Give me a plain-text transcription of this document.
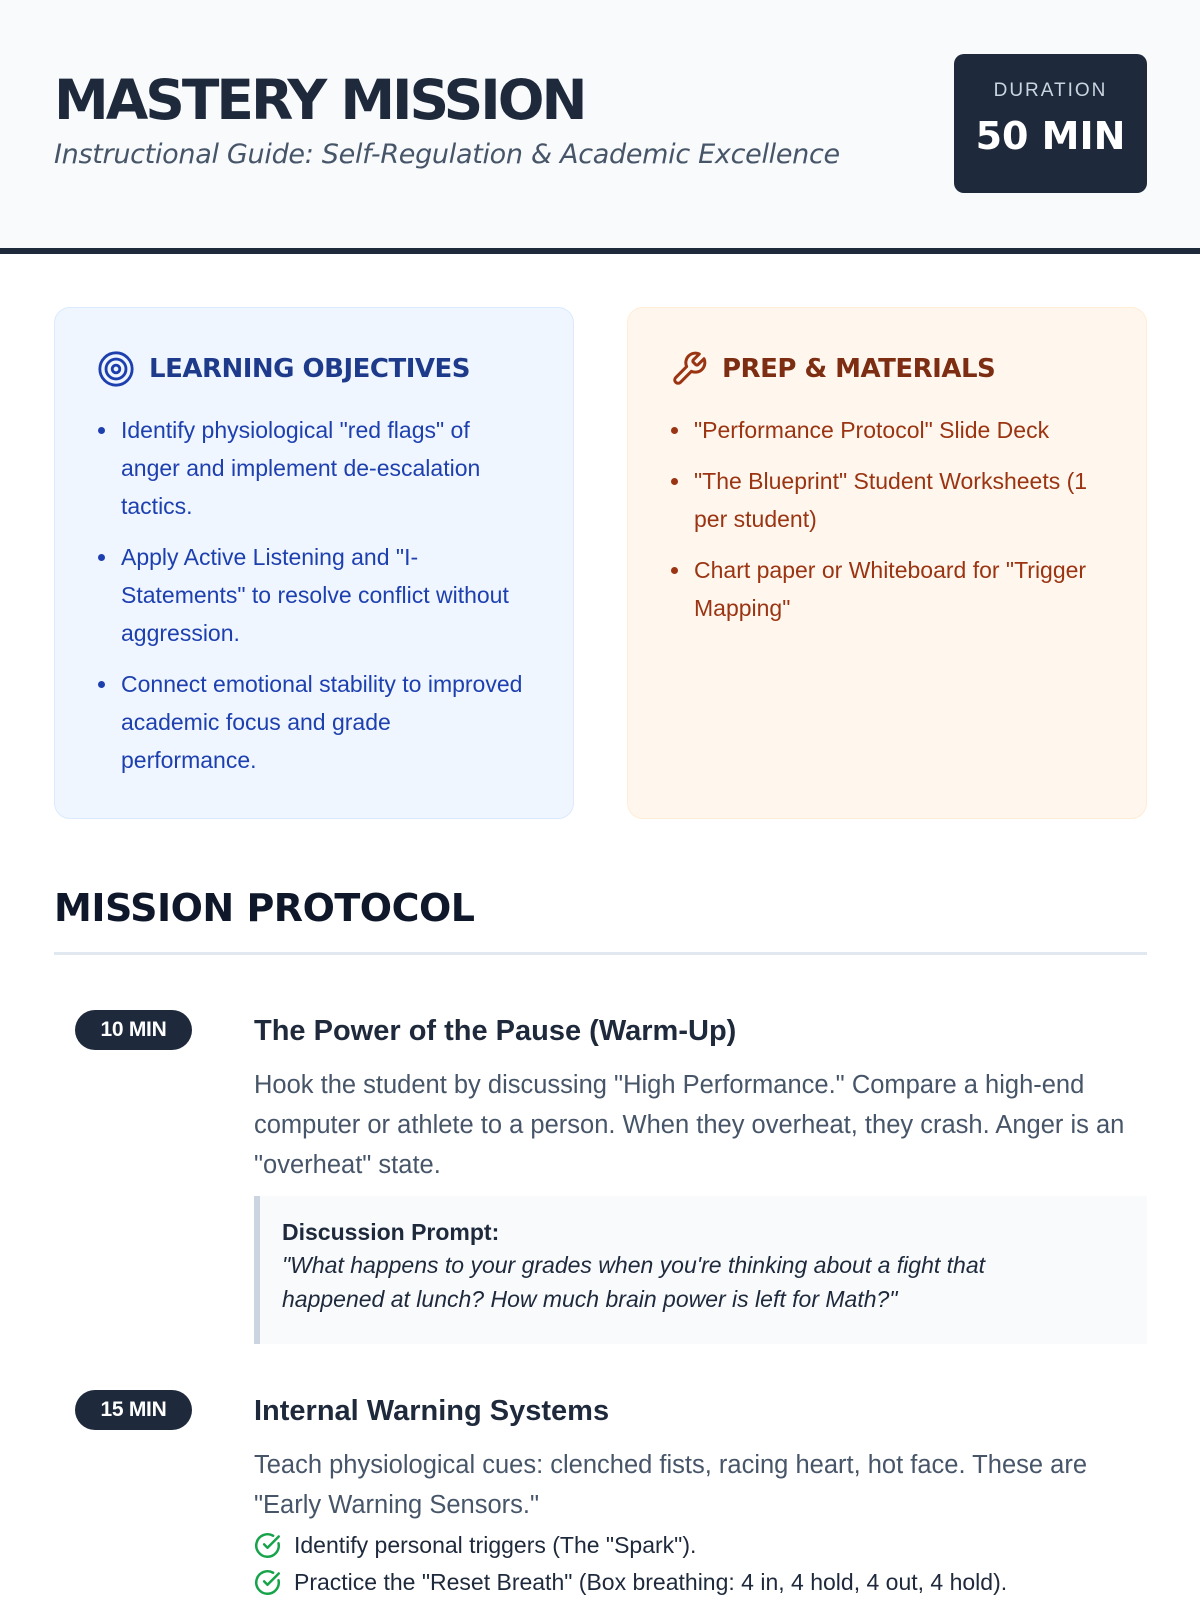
MASTERY MISSION
Instructional Guide: Self-Regulation & Academic Excellence
DURATION
50 MIN
LEARNING OBJECTIVES
Identify physiological "red flags" of anger and implement de-escalation tactics.
Apply Active Listening and "I-Statements" to resolve conflict without aggression.
Connect emotional stability to improved academic focus and grade performance.
PREP & MATERIALS
"Performance Protocol" Slide Deck
"The Blueprint" Student Worksheets (1 per student)
Chart paper or Whiteboard for "Trigger Mapping"
MISSION PROTOCOL
10 MIN	The Power of the Pause (Warm-Up)
Hook the student by discussing "High Performance." Compare a high-end computer or athlete to a person. When they overheat, they crash. Anger is an "overheat" state.
Discussion Prompt:
"What happens to your grades when you're thinking about a fight that happened at lunch? How much brain power is left for Math?"
15 MIN	Internal Warning Systems
Teach physiological cues: clenched fists, racing heart, hot face. These are "Early Warning Sensors."
Identify personal triggers (The "Spark").
Practice the "Reset Breath" (Box breathing: 4 in, 4 hold, 4 out, 4 hold).
